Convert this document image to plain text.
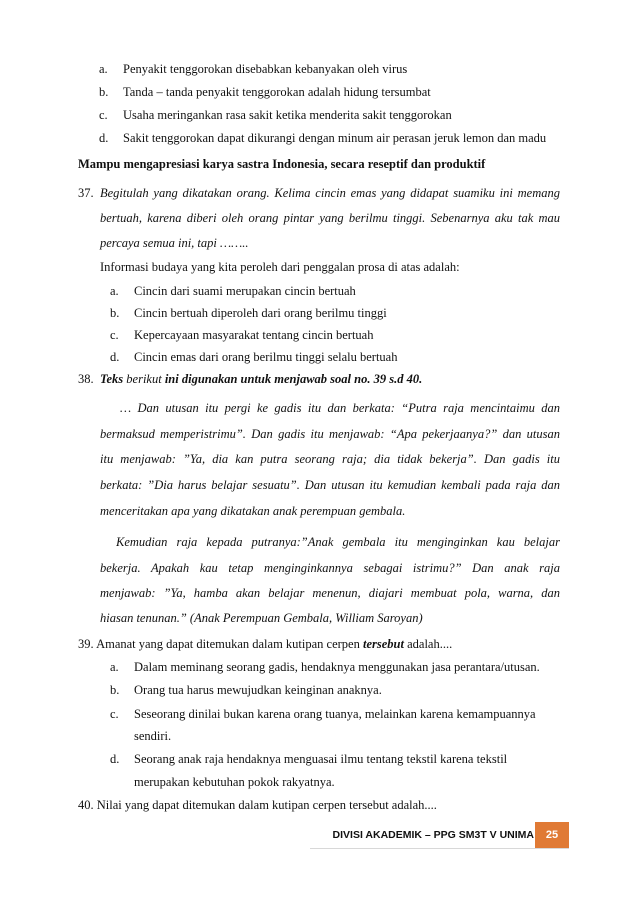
a. Penyakit tenggorokan disebabkan kebanyakan oleh virus
b. Tanda – tanda penyakit tenggorokan adalah hidung tersumbat
c. Usaha meringankan rasa sakit ketika menderita sakit tenggorokan
d. Sakit tenggorokan dapat dikurangi dengan minum air perasan jeruk lemon dan madu
Mampu mengapresiasi karya sastra Indonesia, secara reseptif dan produktif
37. Begitulah yang dikatakan orang. Kelima cincin emas yang didapat suamiku ini memang
bertuah, karena diberi oleh orang pintar yang berilmu tinggi. Sebenarnya aku tak mau
percaya semua ini, tapi ……..
Informasi budaya yang kita peroleh dari penggalan prosa di atas adalah:
a. Cincin dari suami merupakan cincin bertuah
b. Cincin bertuah diperoleh dari orang berilmu tinggi
c. Kepercayaan masyarakat tentang cincin bertuah
d. Cincin emas dari orang berilmu tinggi selalu bertuah
38. Teks berikut ini digunakan untuk menjawab soal no. 39 s.d 40.
… Dan utusan itu pergi ke gadis itu dan berkata: “Putra raja mencintaimu dan
bermaksud memperistrimu”. Dan gadis itu menjawab: “Apa pekerjaanya?” dan utusan
itu menjawab: ”Ya, dia kan putra seorang raja; dia tidak bekerja”. Dan gadis itu
berkata: ”Dia harus belajar sesuatu”. Dan utusan itu kemudian kembali pada raja dan
menceritakan apa yang dikatakan anak perempuan gembala.
Kemudian raja kepada putranya:”Anak gembala itu menginginkan kau belajar
bekerja. Apakah kau tetap menginginkannya sebagai istrimu?” Dan anak raja
menjawab: ”Ya, hamba akan belajar menenun, diajari membuat pola, warna, dan
hiasan tenunan.” (Anak Perempuan Gembala, William Saroyan)
39. Amanat yang dapat ditemukan dalam kutipan cerpen tersebut adalah....
a. Dalam meminang seorang gadis, hendaknya menggunakan jasa perantara/utusan.
b. Orang tua harus mewujudkan keinginan anaknya.
c. Seseorang dinilai bukan karena orang tuanya, melainkan karena kemampuannya
sendiri.
d. Seorang anak raja hendaknya menguasai ilmu tentang tekstil karena tekstil
merupakan kebutuhan pokok rakyatnya.
40. Nilai yang dapat ditemukan dalam kutipan cerpen tersebut adalah....
DIVISI AKADEMIK – PPG SM3T V UNIMA	25
